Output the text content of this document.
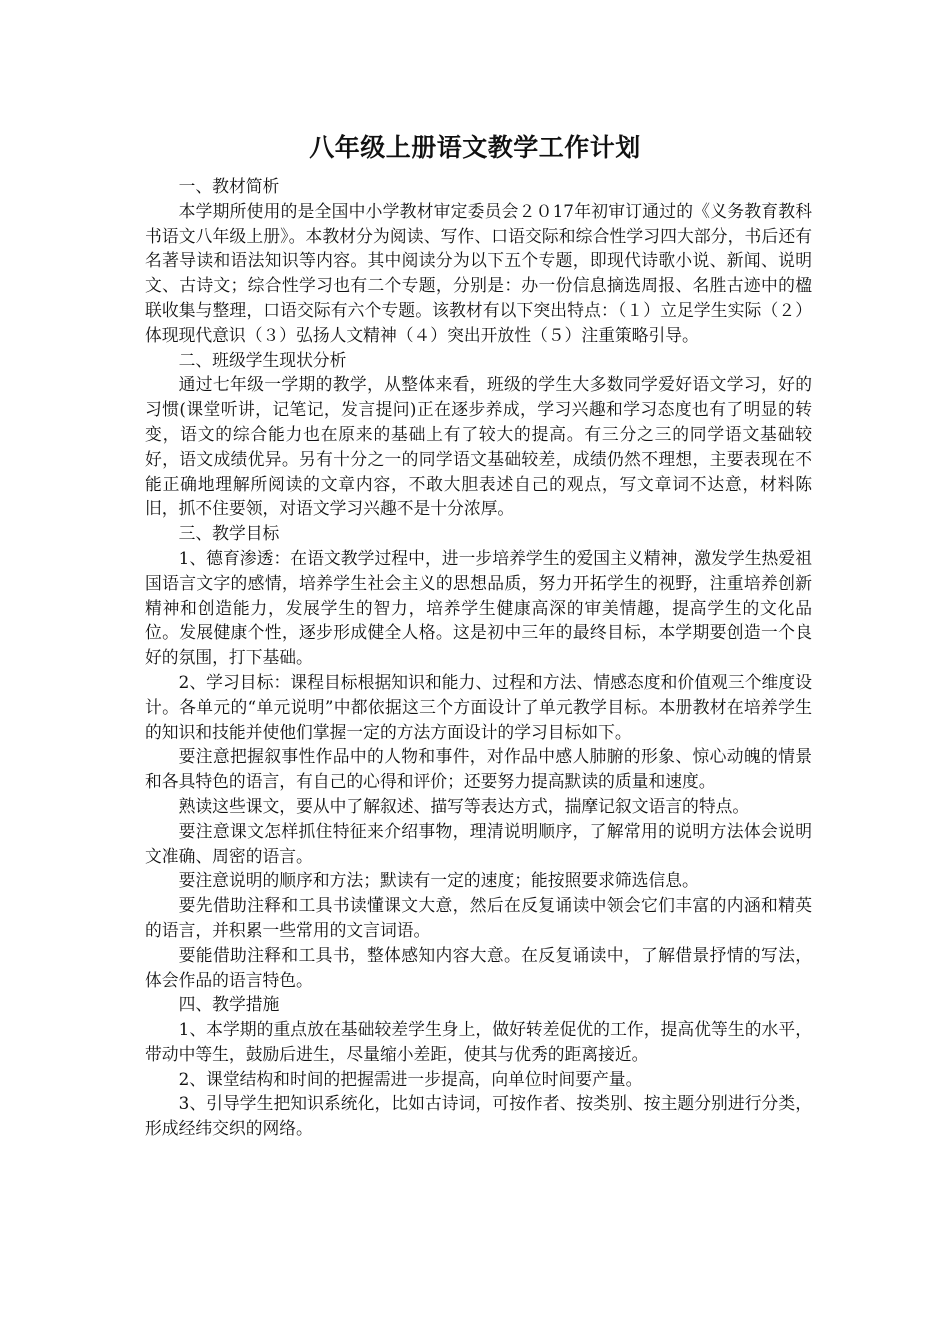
八年级上册语文教学工作计划

一、教材简析

本学期所使用的是全国中小学教材审定委员会２０17年初审订通过的《义务教育教科书语文八年级上册》。本教材分为阅读、写作、口语交际和综合性学习四大部分，书后还有名著导读和语法知识等内容。其中阅读分为以下五个专题，即现代诗歌小说、新闻、说明文、古诗文；综合性学习也有二个专题，分别是：办一份信息摘选周报、名胜古迹中的楹联收集与整理，口语交际有六个专题。该教材有以下突出特点：（１）立足学生实际（２）体现现代意识（３）弘扬人文精神（４）突出开放性（５）注重策略引导。

二、班级学生现状分析

通过七年级一学期的教学，从整体来看，班级的学生大多数同学爱好语文学习，好的习惯(课堂听讲，记笔记，发言提问)正在逐步养成，学习兴趣和学习态度也有了明显的转变，语文的综合能力也在原来的基础上有了较大的提高。有三分之三的同学语文基础较好，语文成绩优异。另有十分之一的同学语文基础较差，成绩仍然不理想，主要表现在不能正确地理解所阅读的文章内容，不敢大胆表述自己的观点，写文章词不达意，材料陈旧，抓不住要领，对语文学习兴趣不是十分浓厚。

三、教学目标

1、德育渗透：在语文教学过程中，进一步培养学生的爱国主义精神，激发学生热爱祖国语言文字的感情，培养学生社会主义的思想品质，努力开拓学生的视野，注重培养创新精神和创造能力，发展学生的智力，培养学生健康高深的审美情趣，提高学生的文化品位。发展健康个性，逐步形成健全人格。这是初中三年的最终目标，本学期要创造一个良好的氛围，打下基础。

2、学习目标：课程目标根据知识和能力、过程和方法、情感态度和价值观三个维度设计。各单元的“单元说明”中都依据这三个方面设计了单元教学目标。本册教材在培养学生的知识和技能并使他们掌握一定的方法方面设计的学习目标如下。

要注意把握叙事性作品中的人物和事件，对作品中感人肺腑的形象、惊心动魄的情景和各具特色的语言，有自己的心得和评价；还要努力提高默读的质量和速度。

熟读这些课文，要从中了解叙述、描写等表达方式，揣摩记叙文语言的特点。

要注意课文怎样抓住特征来介绍事物，理清说明顺序，了解常用的说明方法体会说明文准确、周密的语言。

要注意说明的顺序和方法；默读有一定的速度；能按照要求筛选信息。

要先借助注释和工具书读懂课文大意，然后在反复诵读中领会它们丰富的内涵和精英的语言，并积累一些常用的文言词语。

要能借助注释和工具书，整体感知内容大意。在反复诵读中，了解借景抒情的写法，体会作品的语言特色。

四、教学措施

1、本学期的重点放在基础较差学生身上，做好转差促优的工作，提高优等生的水平，带动中等生，鼓励后进生，尽量缩小差距，使其与优秀的距离接近。

2、课堂结构和时间的把握需进一步提高，向单位时间要产量。

3、引导学生把知识系统化，比如古诗词，可按作者、按类别、按主题分别进行分类，形成经纬交织的网络。
